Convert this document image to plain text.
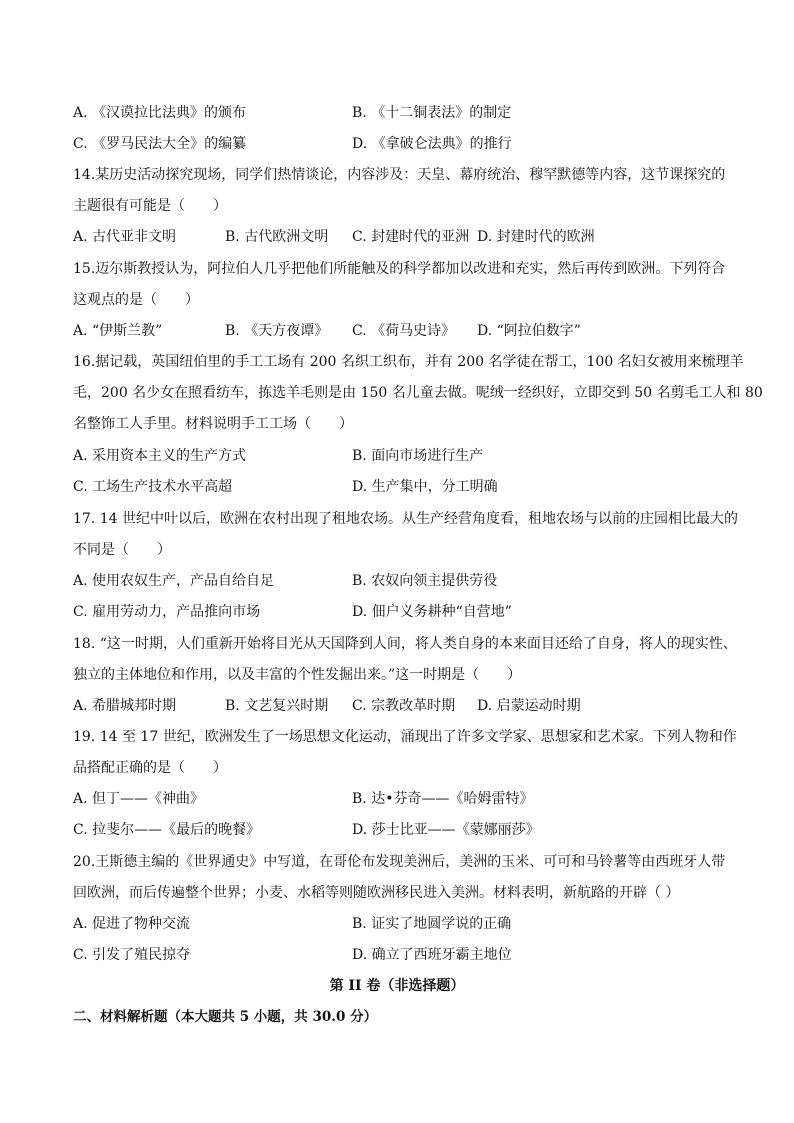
A. 《汉谟拉比法典》的颁布	B. 《十二铜表法》的制定
C. 《罗马民法大全》的编纂	D. 《拿破仑法典》的推行
14.某历史活动探究现场，同学们热情谈论，内容涉及：天皇、幕府统治、穆罕默德等内容，这节课探究的
主题很有可能是（　　）
A. 古代亚非文明	B. 古代欧洲文明 C. 封建时代的亚洲 D. 封建时代的欧洲
15.迈尔斯教授认为，阿拉伯人几乎把他们所能触及的科学都加以改进和充实，然后再传到欧洲。下列符合
这观点的是（　　）
A. “伊斯兰教”	B. 《天方夜谭》 C. 《荷马史诗》 D. “阿拉伯数字”
16.据记载，英国纽伯里的手工工场有 200 名织工织布，并有 200 名学徒在帮工，100 名妇女被用来梳理羊
毛，200 名少女在照看纺车，拣选羊毛则是由 150 名儿童去做。呢绒一经织好，立即交到 50 名剪毛工人和 80
名整饰工人手里。材料说明手工工场（　　）
A. 采用资本主义的生产方式	B. 面向市场进行生产
C. 工场生产技术水平高超	D. 生产集中，分工明确
17. 14 世纪中叶以后，欧洲在农村出现了租地农场。从生产经营角度看，租地农场与以前的庄园相比最大的
不同是（　　）
A. 使用农奴生产，产品自给自足	B. 农奴向领主提供劳役
C. 雇用劳动力，产品推向市场	D. 佃户义务耕种“自营地”
18. “这一时期，人们重新开始将目光从天国降到人间，将人类自身的本来面目还给了自身，将人的现实性、
独立的主体地位和作用，以及丰富的个性发掘出来。”这一时期是（　　）
A. 希腊城邦时期	B. 文艺复兴时期 C. 宗教改革时期 D. 启蒙运动时期
19. 14 至 17 世纪，欧洲发生了一场思想文化运动，涌现出了许多文学家、思想家和艺术家。下列人物和作
品搭配正确的是（　　）
A. 但丁——《神曲》	B. 达•芬奇——《哈姆雷特》
C. 拉斐尔——《最后的晚餐》	D. 莎士比亚——《蒙娜丽莎》
20.王斯德主编的《世界通史》中写道，在哥伦布发现美洲后，美洲的玉米、可可和马铃薯等由西班牙人带
回欧洲，而后传遍整个世界；小麦、水稻等则随欧洲移民进入美洲。材料表明，新航路的开辟（ ）
A. 促进了物种交流	B. 证实了地圆学说的正确
C. 引发了殖民掠夺	D. 确立了西班牙霸主地位
第 II 卷（非选择题）
二、材料解析题（本大题共 5 小题，共 30.0 分）
